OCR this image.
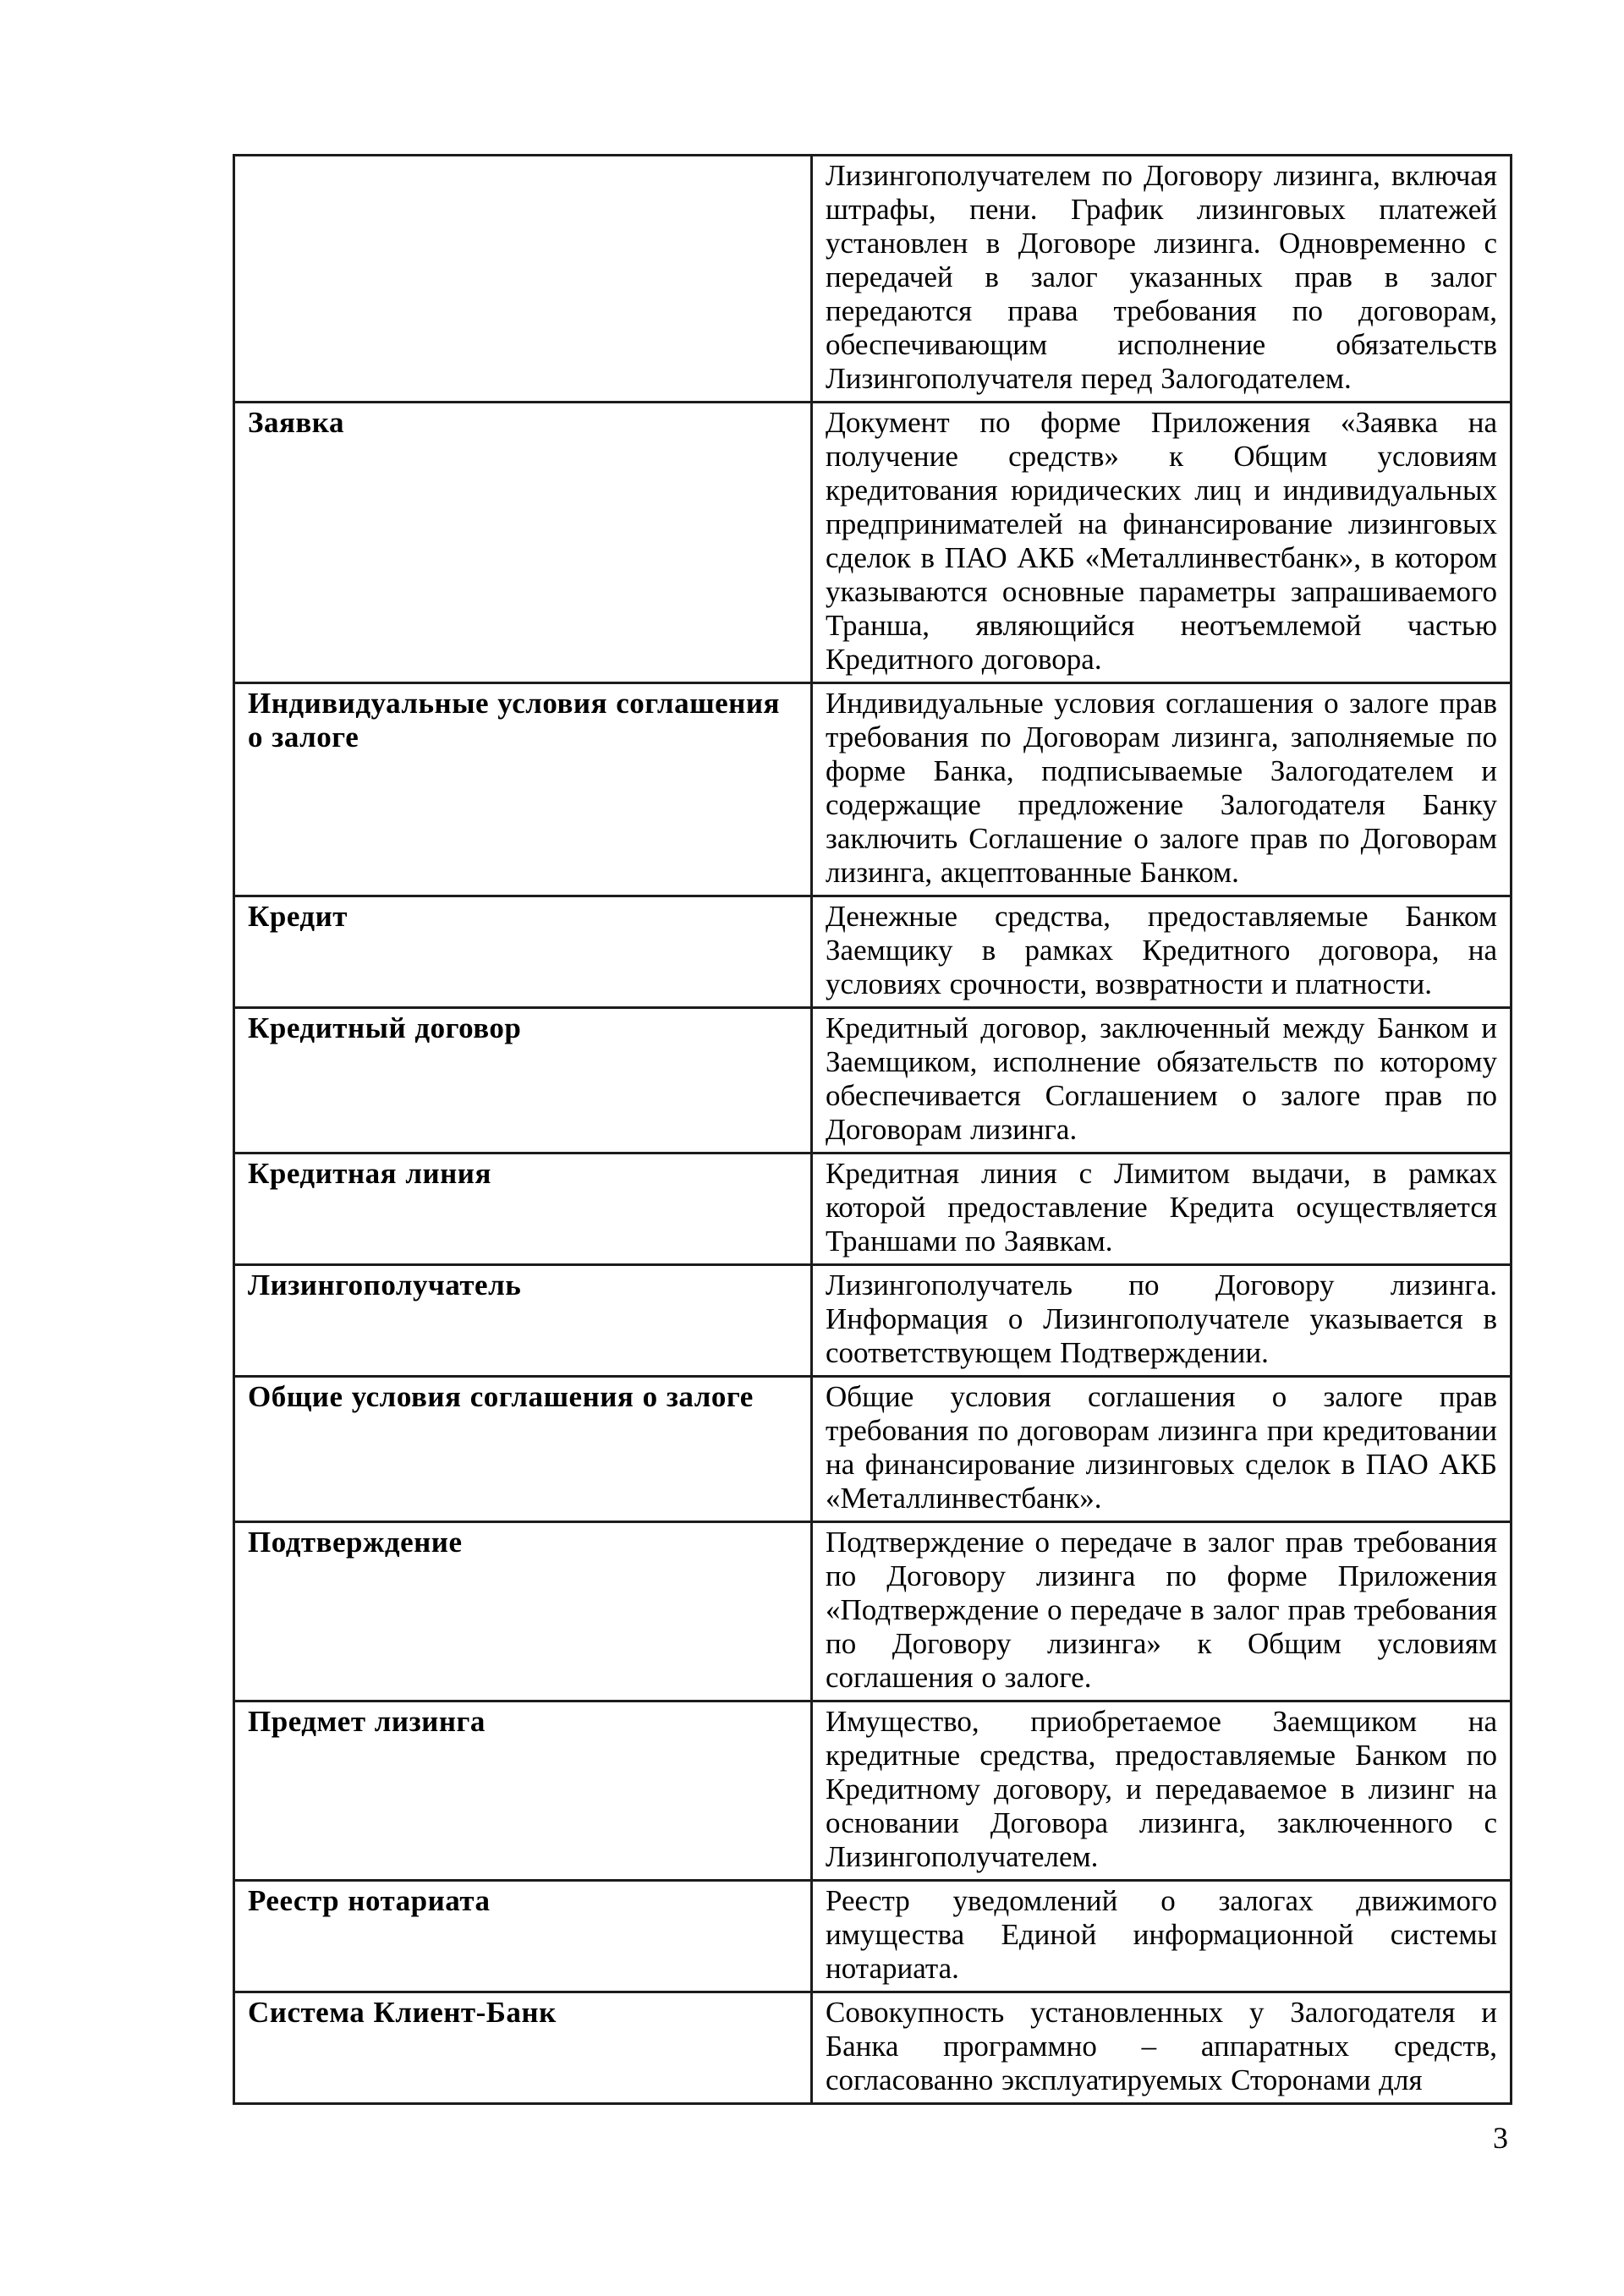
	Лизингополучателем по Договору лизинга, включая штрафы, пени. График лизинговых платежей установлен в Договоре лизинга. Одновременно с передачей в залог указанных прав в залог передаются права требования по договорам, обеспечивающим исполнение обязательств Лизингополучателя перед Залогодателем.
Заявка	Документ по форме Приложения «Заявка на получение средств» к Общим условиям кредитования юридических лиц и индивидуальных предпринимателей на финансирование лизинговых сделок в ПАО АКБ «Металлинвестбанк», в котором указываются основные параметры запрашиваемого Транша, являющийся неотъемлемой частью Кредитного договора.
Индивидуальные условия соглашения о залоге	Индивидуальные условия соглашения о залоге прав требования по Договорам лизинга, заполняемые по форме Банка, подписываемые Залогодателем и содержащие предложение Залогодателя Банку заключить Соглашение о залоге прав по Договорам лизинга, акцептованные Банком.
Кредит	Денежные средства, предоставляемые Банком Заемщику в рамках Кредитного договора, на условиях срочности, возвратности и платности.
Кредитный договор	Кредитный договор, заключенный между Банком и Заемщиком, исполнение обязательств по которому обеспечивается Соглашением о залоге прав по Договорам лизинга.
Кредитная линия	Кредитная линия с Лимитом выдачи, в рамках которой предоставление Кредита осуществляется Траншами по Заявкам.
Лизингополучатель	Лизингополучатель по Договору лизинга. Информация о Лизингополучателе указывается в соответствующем Подтверждении.
Общие условия соглашения о залоге	Общие условия соглашения о залоге прав требования по договорам лизинга при кредитовании на финансирование лизинговых сделок в ПАО АКБ «Металлинвестбанк».
Подтверждение	Подтверждение о передаче в залог прав требования по Договору лизинга по форме Приложения «Подтверждение о передаче в залог прав требования по Договору лизинга» к Общим условиям соглашения о залоге.
Предмет лизинга	Имущество, приобретаемое Заемщиком на кредитные средства, предоставляемые Банком по Кредитному договору, и передаваемое в лизинг на основании Договора лизинга, заключенного с Лизингополучателем.
Реестр нотариата	Реестр уведомлений о залогах движимого имущества Единой информационной системы нотариата.
Система Клиент-Банк	Совокупность установленных у Залогодателя и Банка программно – аппаратных средств, согласованно эксплуатируемых Сторонами для
3
